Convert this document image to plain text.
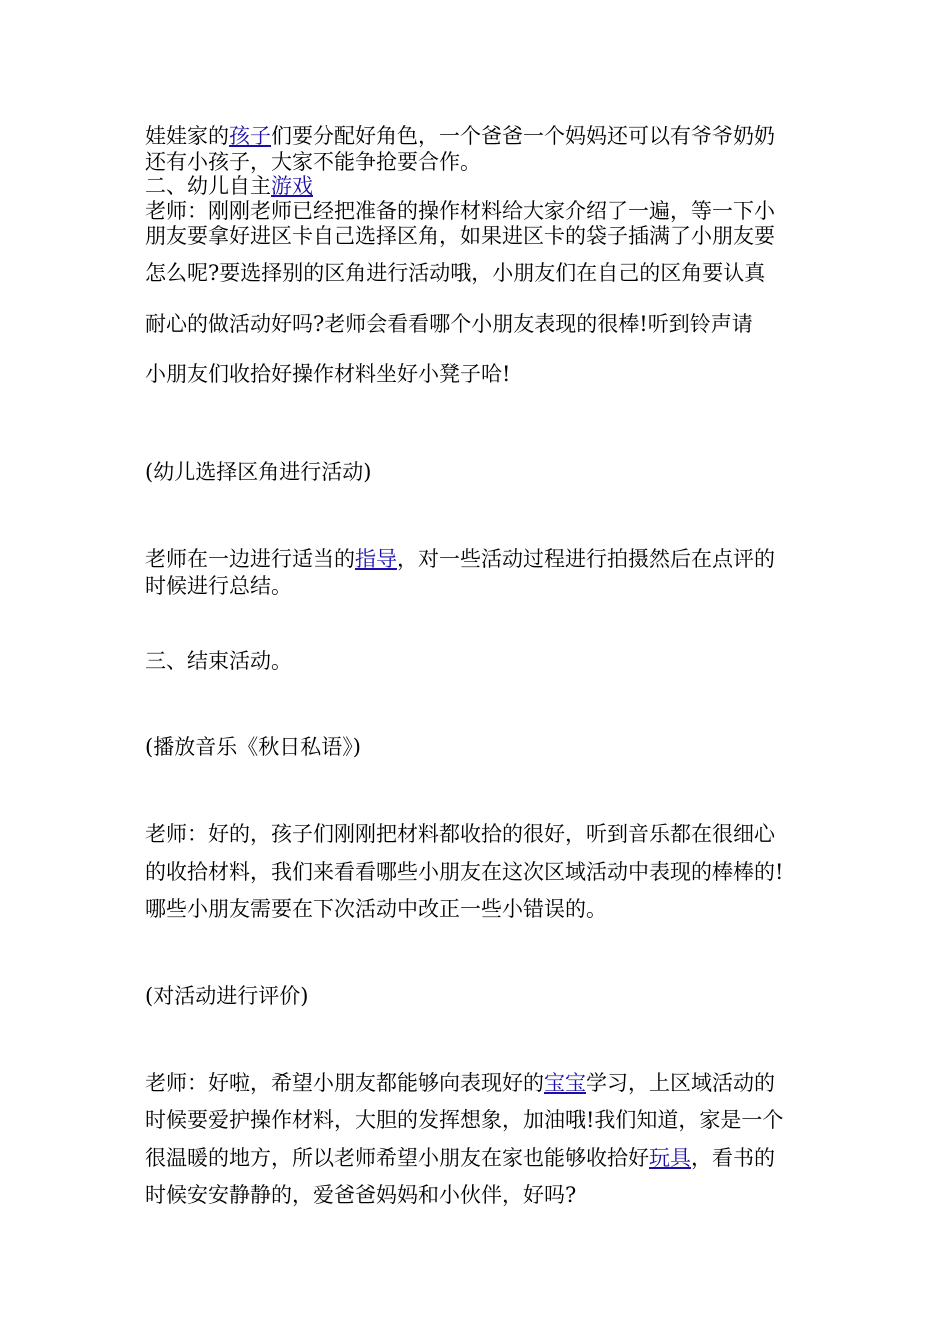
娃娃家的孩子们要分配好角色，一个爸爸一个妈妈还可以有爷爷奶奶

还有小孩子，大家不能争抢要合作。

二、幼儿自主游戏

老师：刚刚老师已经把准备的操作材料给大家介绍了一遍，等一下小

朋友要拿好进区卡自己选择区角，如果进区卡的袋子插满了小朋友要

怎么呢?要选择别的区角进行活动哦，小朋友们在自己的区角要认真

耐心的做活动好吗?老师会看看哪个小朋友表现的很棒!听到铃声请

小朋友们收拾好操作材料坐好小凳子哈!

(幼儿选择区角进行活动)

老师在一边进行适当的指导，对一些活动过程进行拍摄然后在点评的

时候进行总结。

三、结束活动。

(播放音乐《秋日私语》)

老师：好的，孩子们刚刚把材料都收拾的很好，听到音乐都在很细心

的收拾材料，我们来看看哪些小朋友在这次区域活动中表现的棒棒的!

哪些小朋友需要在下次活动中改正一些小错误的。

(对活动进行评价)

老师：好啦，希望小朋友都能够向表现好的宝宝学习，上区域活动的

时候要爱护操作材料，大胆的发挥想象，加油哦!我们知道，家是一个

很温暖的地方，所以老师希望小朋友在家也能够收拾好玩具，看书的

时候安安静静的，爱爸爸妈妈和小伙伴，好吗?
